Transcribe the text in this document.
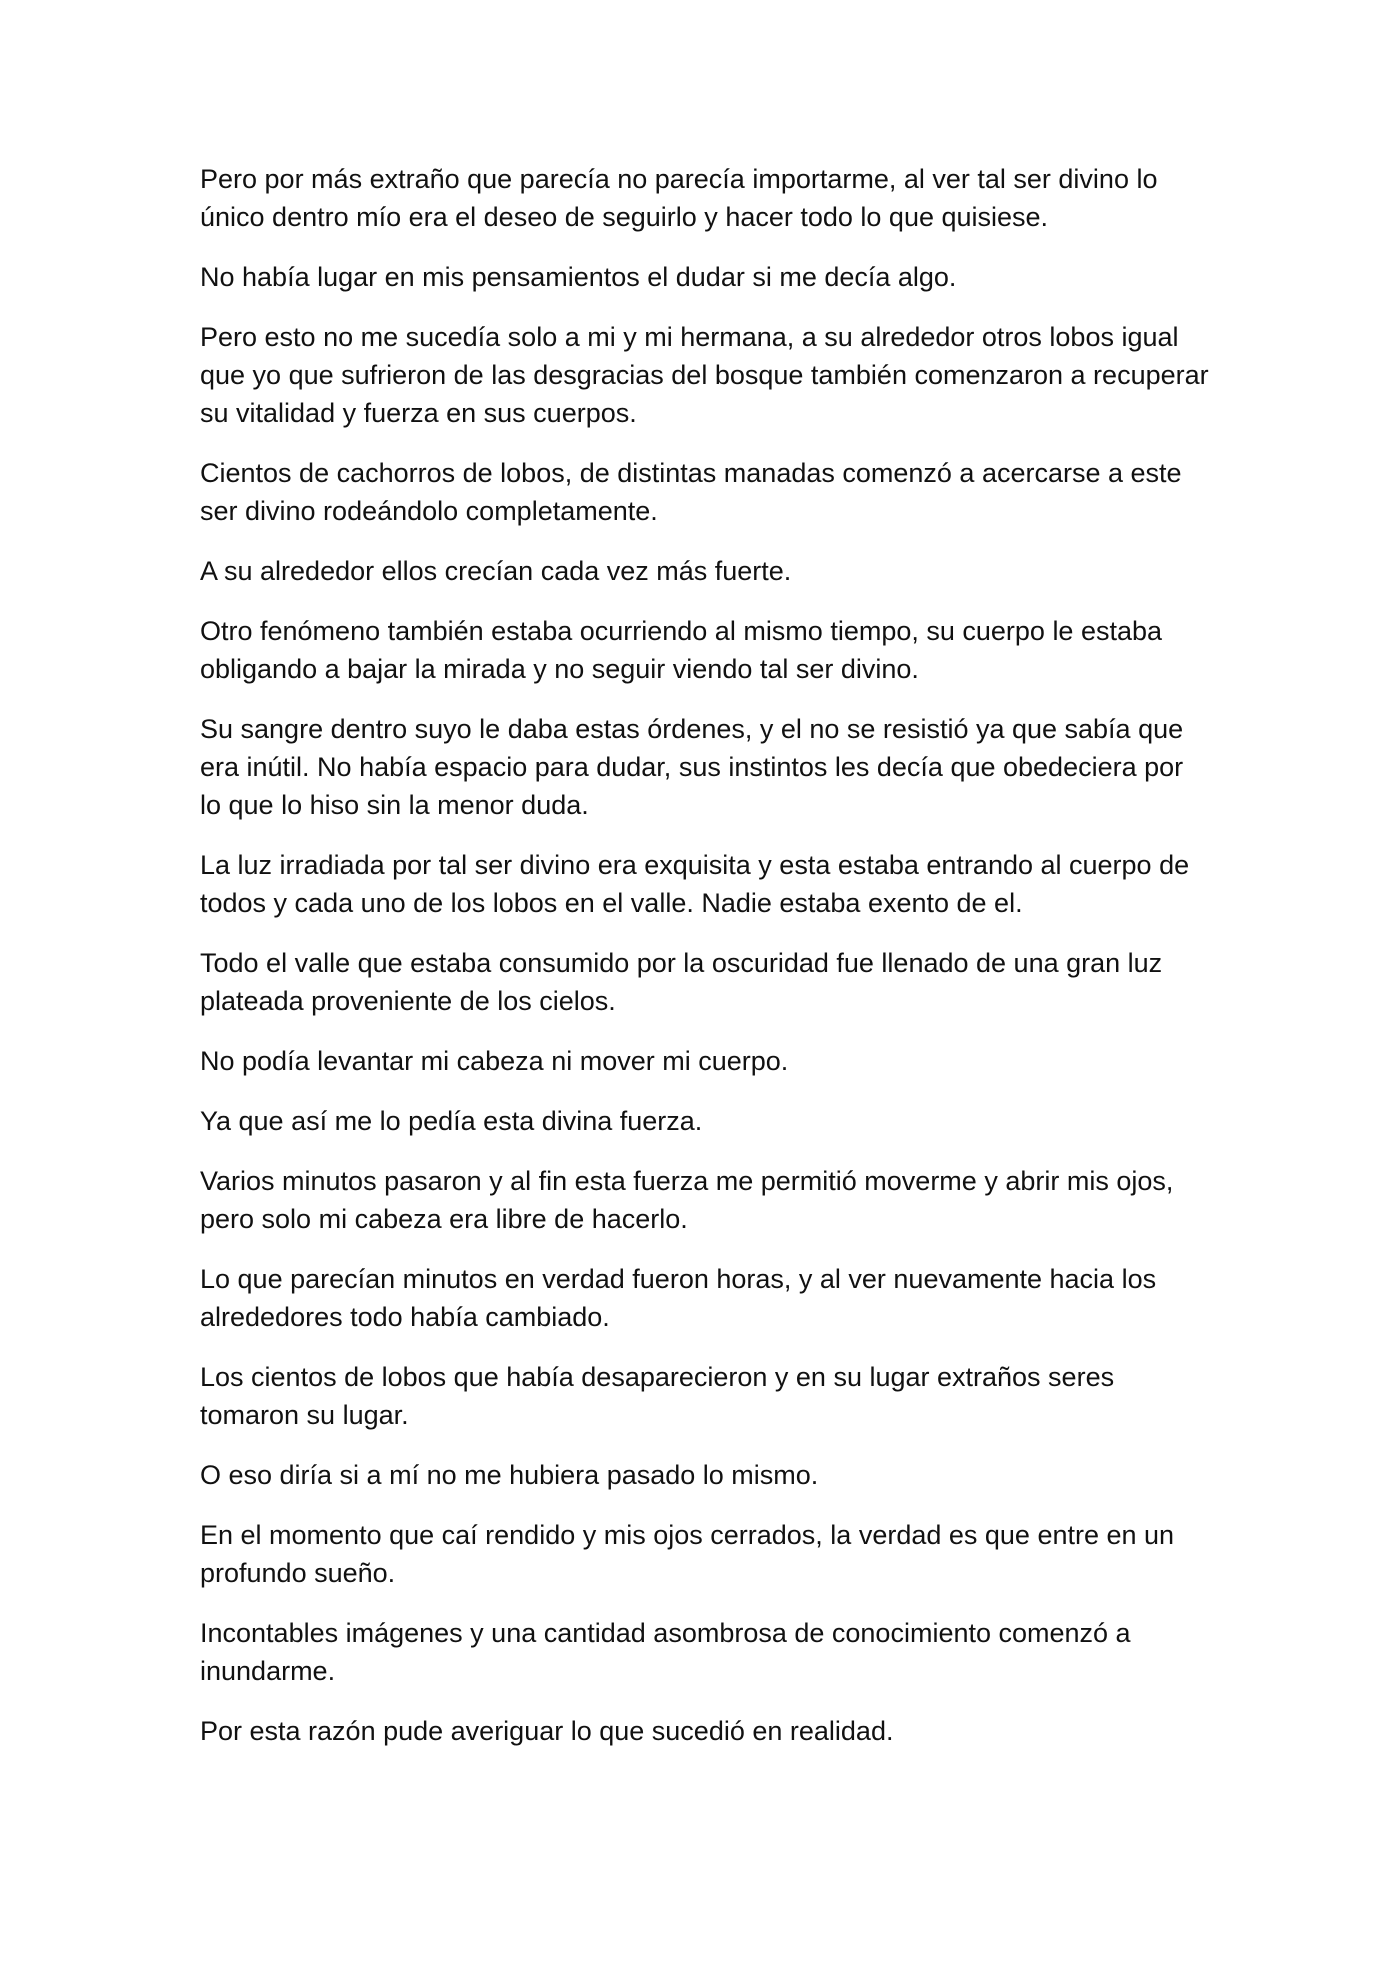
Pero por más extraño que parecía no parecía importarme, al ver tal ser divino lo único dentro mío era el deseo de seguirlo y hacer todo lo que quisiese.

No había lugar en mis pensamientos el dudar si me decía algo.

Pero esto no me sucedía solo a mi y mi hermana, a su alrededor otros lobos igual que yo que sufrieron de las desgracias del bosque también comenzaron a recuperar su vitalidad y fuerza en sus cuerpos.

Cientos de cachorros de lobos, de distintas manadas comenzó a acercarse a este ser divino rodeándolo completamente.

A su alrededor ellos crecían cada vez más fuerte.

Otro fenómeno también estaba ocurriendo al mismo tiempo, su cuerpo le estaba obligando a bajar la mirada y no seguir viendo tal ser divino.

Su sangre dentro suyo le daba estas órdenes, y el no se resistió ya que sabía que era inútil. No había espacio para dudar, sus instintos les decía que obedeciera por lo que lo hiso sin la menor duda.

La luz irradiada por tal ser divino era exquisita y esta estaba entrando al cuerpo de todos y cada uno de los lobos en el valle. Nadie estaba exento de el.

Todo el valle que estaba consumido por la oscuridad fue llenado de una gran luz plateada proveniente de los cielos.

No podía levantar mi cabeza ni mover mi cuerpo.

Ya que así me lo pedía esta divina fuerza.

Varios minutos pasaron y al fin esta fuerza me permitió moverme y abrir mis ojos, pero solo mi cabeza era libre de hacerlo.

Lo que parecían minutos en verdad fueron horas, y al ver nuevamente hacia los alrededores todo había cambiado.

Los cientos de lobos que había desaparecieron y en su lugar extraños seres tomaron su lugar.

O eso diría si a mí no me hubiera pasado lo mismo.

En el momento que caí rendido y mis ojos cerrados, la verdad es que entre en un profundo sueño.

Incontables imágenes y una cantidad asombrosa de conocimiento comenzó a inundarme.

Por esta razón pude averiguar lo que sucedió en realidad.
